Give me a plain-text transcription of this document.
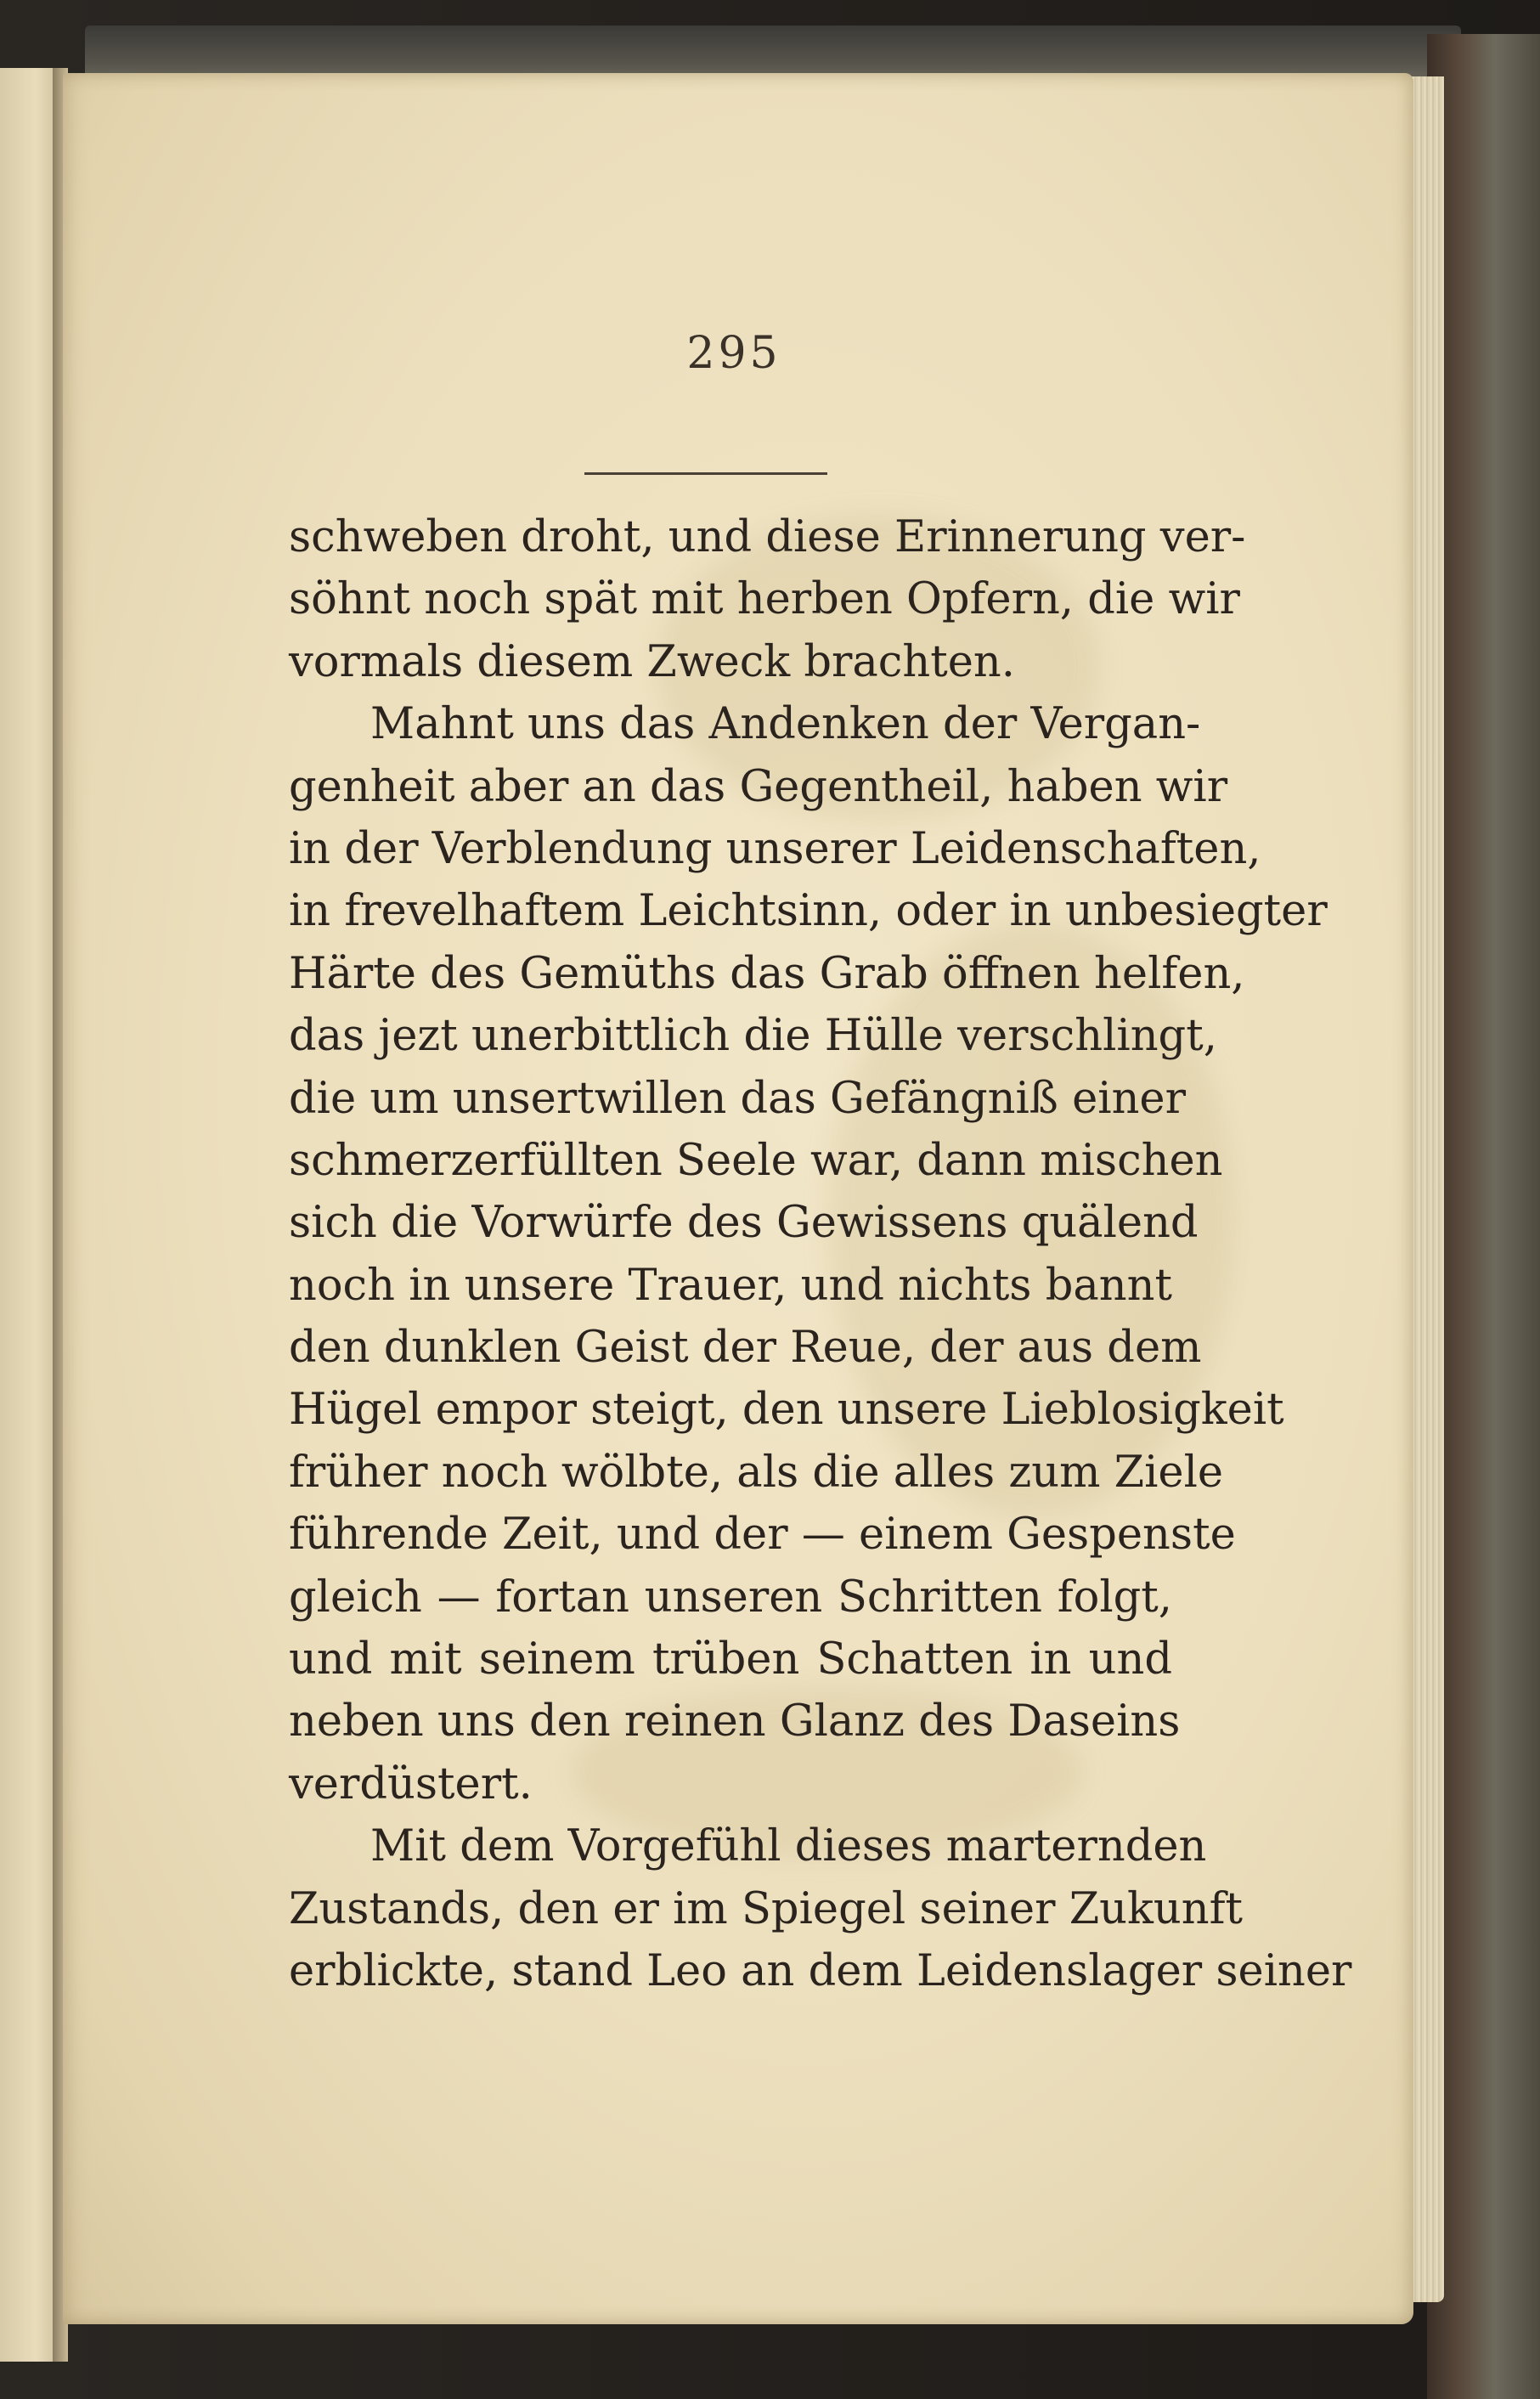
295
schweben droht, und diese Erinnerung ver-
söhnt noch spät mit herben Opfern, die wir
vormals diesem Zweck brachten.
Mahnt uns das Andenken der Vergan-
genheit aber an das Gegentheil, haben wir
in der Verblendung unserer Leidenschaften,
in frevelhaftem Leichtsinn, oder in unbesiegter
Härte des Gemüths das Grab öffnen helfen,
das jezt unerbittlich die Hülle verschlingt,
die um unsertwillen das Gefängniß einer
schmerzerfüllten Seele war, dann mischen
sich die Vorwürfe des Gewissens quälend
noch in unsere Trauer, und nichts bannt
den dunklen Geist der Reue, der aus dem
Hügel empor steigt, den unsere Lieblosigkeit
früher noch wölbte, als die alles zum Ziele
führende Zeit, und der — einem Gespenste
gleich — fortan unseren Schritten folgt,
und mit seinem trüben Schatten in und
neben uns den reinen Glanz des Daseins
verdüstert.
Mit dem Vorgefühl dieses marternden
Zustands, den er im Spiegel seiner Zukunft
erblickte, stand Leo an dem Leidenslager seiner
